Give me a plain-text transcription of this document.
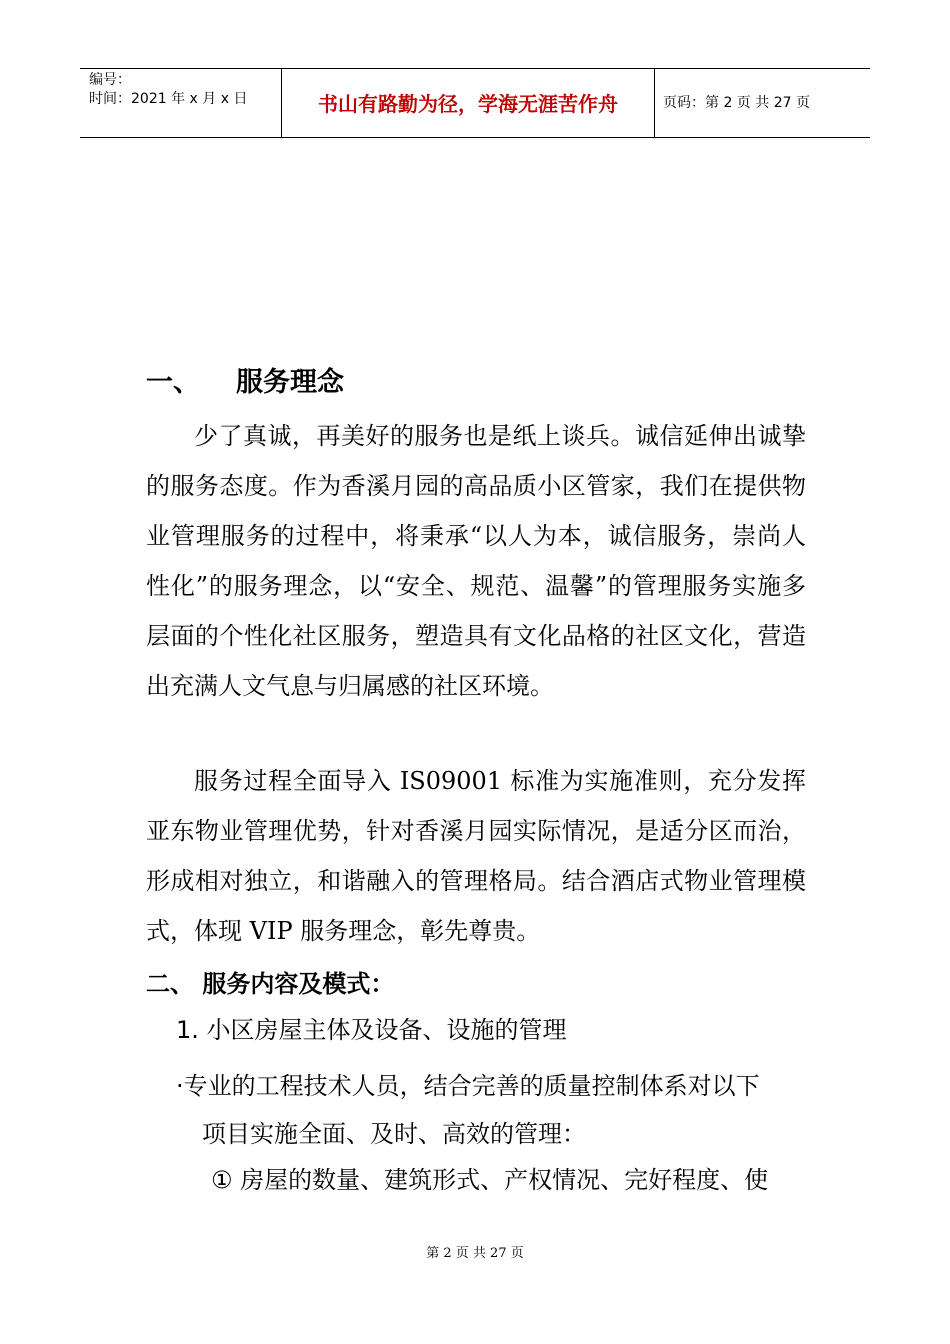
编号：
时间：2021 年 x 月 x 日	书山有路勤为径，学海无涯苦作舟	页码：第 2 页 共 27 页
一、 服务理念

少了真诚，再美好的服务也是纸上谈兵。诚信延伸出诚挚的服务态度。作为香溪月园的高品质小区管家，我们在提供物业管理服务的过程中，将秉承“以人为本，诚信服务，崇尚人性化”的服务理念，以“安全、规范、温馨”的管理服务实施多层面的个性化社区服务，塑造具有文化品格的社区文化，营造出充满人文气息与归属感的社区环境。

服务过程全面导入 IS09001 标准为实施准则，充分发挥亚东物业管理优势，针对香溪月园实际情况，是适分区而治，形成相对独立，和谐融入的管理格局。结合酒店式物业管理模式，体现 VIP 服务理念，彰先尊贵。

二、 服务内容及模式：
1. 小区房屋主体及设备、设施的管理

·专业的工程技术人员，结合完善的质量控制体系对以下
项目实施全面、及时、高效的管理：

① 房屋的数量、建筑形式、产权情况、完好程度、使
第 2 页 共 27 页
